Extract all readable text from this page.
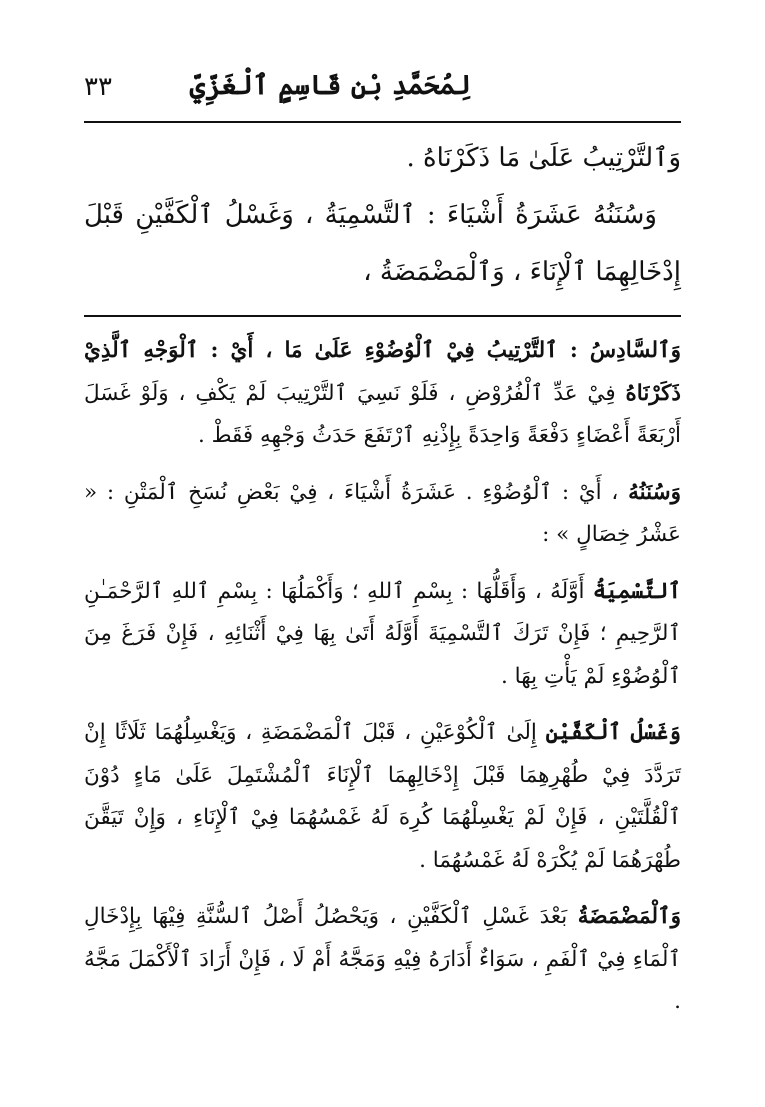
لِمُحَمَّدِ بْنِ قَاسِمٍ ٱلْغَزِّيِّ
٣٣

وَٱلتَّرْتِيبُ عَلَىٰ مَا ذَكَرْنَاهُ .

وَسُنَنُهُ عَشَرَةُ أَشْيَاءَ : ٱلتَّسْمِيَةُ ، وَغَسْلُ ٱلْكَفَّيْنِ قَبْلَ إِدْخَالِهِمَا ٱلْإِنَاءَ ، وَٱلْمَضْمَضَةُ ،

وَٱلسَّادِسُ : ٱلتَّرْتِيبُ فِيْ ٱلْوُضُوْءِ عَلَىٰ مَا ، أَيْ : ٱلْوَجْهِ ٱلَّذِيْ ذَكَرْنَاهُ فِيْ عَدِّ ٱلْفُرُوْضِ ، فَلَوْ نَسِيَ ٱلتَّرْتِيبَ لَمْ يَكْفِ ، وَلَوْ غَسَلَ أَرْبَعَةً أَعْضَاءٍ دَفْعَةً وَاحِدَةً بِإِذْنِهِ ٱرْتَفَعَ حَدَثُ وَجْهِهِ فَقَطْ .

وَسُنَنُهُ ، أَيْ : ٱلْوُضُوْءِ . عَشَرَةُ أَشْيَاءَ ، فِيْ بَعْضِ نُسَخِ ٱلْمَتْنِ : « عَشْرُ خِصَالٍ » :

ٱلتَّسْمِيَةُ أَوَّلَهُ ، وَأَقَلُّهَا : بِسْمِ ٱللهِ ؛ وَأَكْمَلُهَا : بِسْمِ ٱللهِ ٱلرَّحْمَـٰنِ ٱلرَّحِيمِ ؛ فَإِنْ تَرَكَ ٱلتَّسْمِيَةَ أَوَّلَهُ أَتَىٰ بِهَا فِيْ أَثْنَائِهِ ، فَإِنْ فَرَغَ مِنَ ٱلْوُضُوْءِ لَمْ يَأْتِ بِهَا .

وَغَسْلُ ٱلْكَفَّيْنِ إِلَىٰ ٱلْكُوْعَيْنِ ، قَبْلَ ٱلْمَضْمَضَةِ ، وَيَغْسِلُهُمَا ثَلَاثًا إِنْ تَرَدَّدَ فِيْ طُهْرِهِمَا قَبْلَ إِدْخَالِهِمَا ٱلْإِنَاءَ ٱلْمُشْتَمِلَ عَلَىٰ مَاءٍ دُوْنَ ٱلْقُلَّتَيْنِ ، فَإِنْ لَمْ يَغْسِلْهُمَا كُرِهَ لَهُ غَمْسُهُمَا فِيْ ٱلْإِنَاءِ ، وَإِنْ تَيَقَّنَ طُهْرَهُمَا لَمْ يُكْرَهْ لَهُ غَمْسُهُمَا .

وَٱلْمَضْمَضَةُ بَعْدَ غَسْلِ ٱلْكَفَّيْنِ ، وَيَحْصُلُ أَصْلُ ٱلسُّنَّةِ فِيْهَا بِإِدْخَالِ ٱلْمَاءِ فِيْ ٱلْفَمِ ، سَوَاءٌ أَدَارَهُ فِيْهِ وَمَجَّهُ أَمْ لَا ، فَإِنْ أَرَادَ ٱلْأَكْمَلَ مَجَّهُ .
